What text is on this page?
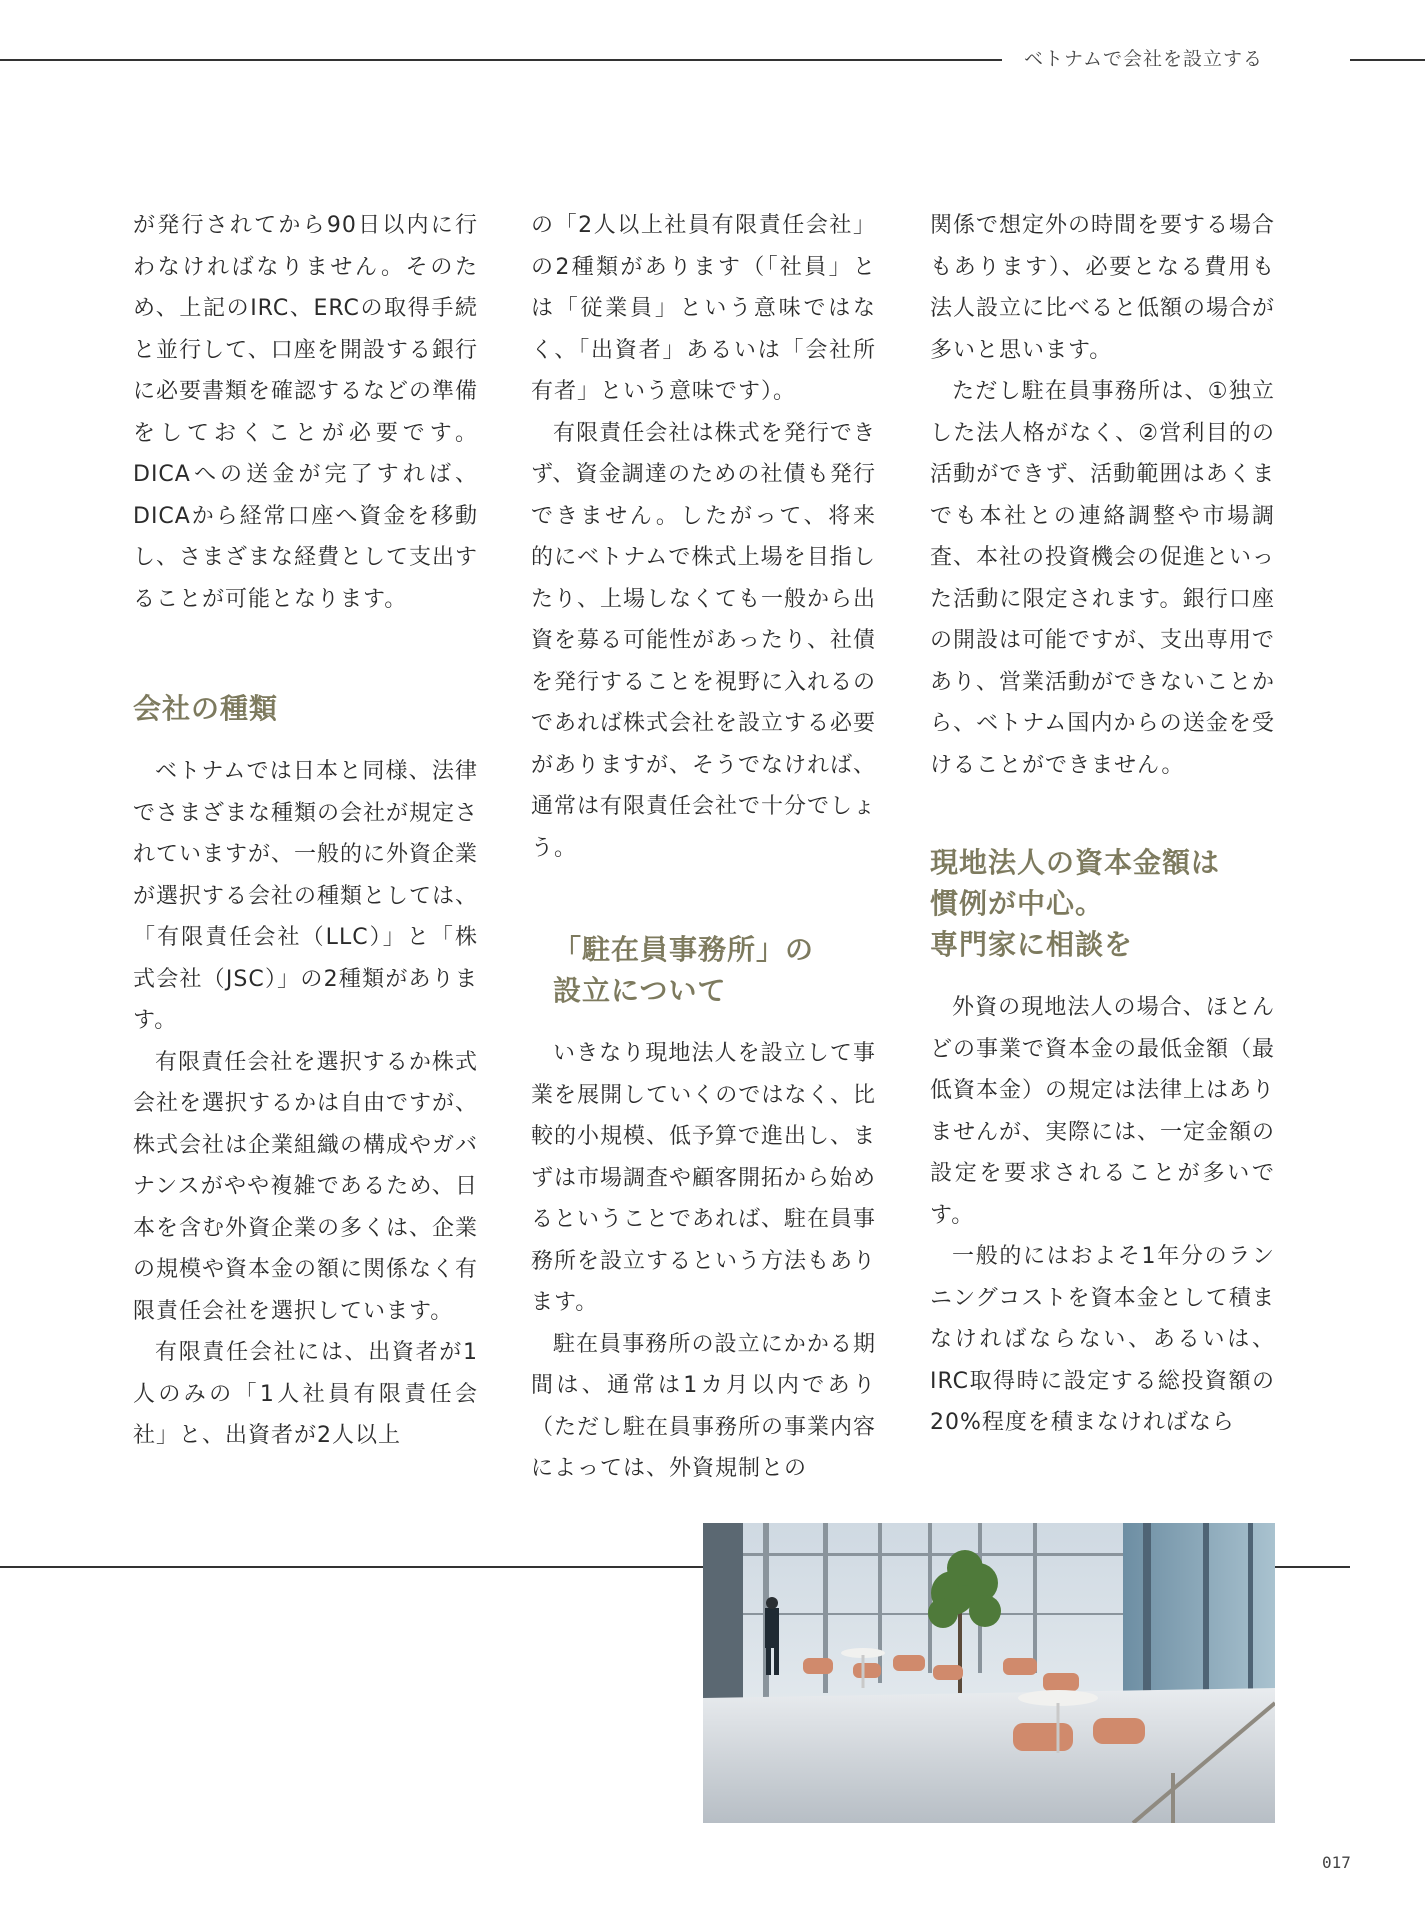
ベトナムで会社を設立する

が発行されてから90日以内に行わなければなりません。そのため、上記のIRC、ERCの取得手続と並行して、口座を開設する銀行に必要書類を確認するなどの準備をしておくことが必要です。DICAへの送金が完了すれば、DICAから経常口座へ資金を移動し、さまざまな経費として支出することが可能となります。

会社の種類

ベトナムでは日本と同様、法律でさまざまな種類の会社が規定されていますが、一般的に外資企業が選択する会社の種類としては、「有限責任会社（LLC）」と「株式会社（JSC）」の2種類があります。

有限責任会社を選択するか株式会社を選択するかは自由ですが、株式会社は企業組織の構成やガバナンスがやや複雑であるため、日本を含む外資企業の多くは、企業の規模や資本金の額に関係なく有限責任会社を選択しています。

有限責任会社には、出資者が1人のみの「1人社員有限責任会社」と、出資者が2人以上

の「2人以上社員有限責任会社」の2種類があります（「社員」とは「従業員」という意味ではなく、「出資者」あるいは「会社所有者」という意味です）。

有限責任会社は株式を発行できず、資金調達のための社債も発行できません。したがって、将来的にベトナムで株式上場を目指したり、上場しなくても一般から出資を募る可能性があったり、社債を発行することを視野に入れるのであれば株式会社を設立する必要がありますが、そうでなければ、通常は有限責任会社で十分でしょう。

「駐在員事務所」の
設立について

いきなり現地法人を設立して事業を展開していくのではなく、比較的小規模、低予算で進出し、まずは市場調査や顧客開拓から始めるということであれば、駐在員事務所を設立するという方法もあります。

駐在員事務所の設立にかかる期間は、通常は1カ月以内であり（ただし駐在員事務所の事業内容によっては、外資規制との

関係で想定外の時間を要する場合もあります）、必要となる費用も法人設立に比べると低額の場合が多いと思います。

ただし駐在員事務所は、①独立した法人格がなく、②営利目的の活動ができず、活動範囲はあくまでも本社との連絡調整や市場調査、本社の投資機会の促進といった活動に限定されます。銀行口座の開設は可能ですが、支出専用であり、営業活動ができないことから、ベトナム国内からの送金を受けることができません。

現地法人の資本金額は
慣例が中心。
専門家に相談を

外資の現地法人の場合、ほとんどの事業で資本金の最低金額（最低資本金）の規定は法律上はありませんが、実際には、一定金額の設定を要求されることが多いです。

一般的にはおよそ1年分のランニングコストを資本金として積まなければならない、あるいは、IRC取得時に設定する総投資額の20%程度を積まなければなら

017
